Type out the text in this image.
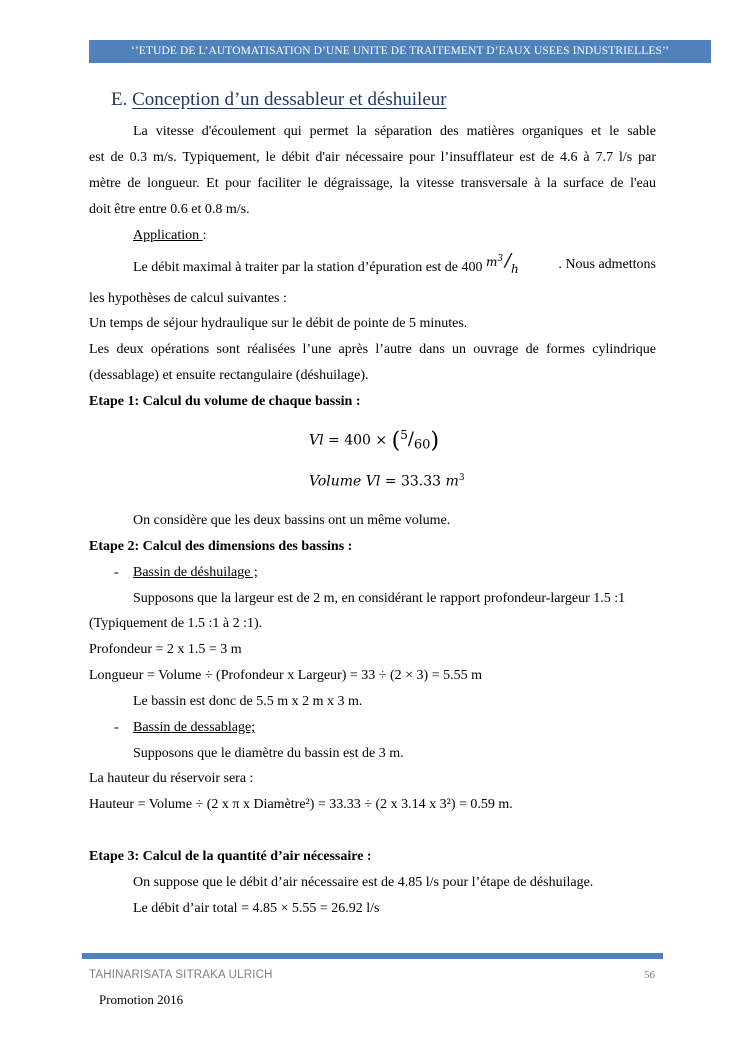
‘’ETUDE DE L’AUTOMATISATION D’UNE UNITE DE TRAITEMENT D’EAUX USEES INDUSTRIELLES’’
E. Conception d’un dessableur et déshuileur
La vitesse d'écoulement qui permet la séparation des matières organiques et le sable
est de 0.3 m/s. Typiquement, le débit d'air nécessaire pour l’insufflateur est de 4.6 à 7.7 l/s par
mètre de longueur. Et pour faciliter le dégraissage, la vitesse transversale à la surface de l'eau
doit être entre 0.6 et 0.8 m/s.
Application :
Le débit maximal à traiter par la station d’épuration est de 400 $m^3$ / h	. Nous admettons
les hypothèses de calcul suivantes :
Un temps de séjour hydraulique sur le débit de pointe de 5 minutes.
Les deux opérations sont réalisées l’une après l’autre dans un ouvrage de formes cylindrique
(dessablage) et ensuite rectangulaire (déshuilage).
Etape 1: Calcul du volume de chaque bassin :
$Vl = 400 \times (^5/_{60})$
Volume Vl = 33.33 $m^3$
On considère que les deux bassins ont un même volume.
Etape 2: Calcul des dimensions des bassins :
- Bassin de déshuilage ;
Supposons que la largeur est de 2 m, en considérant le rapport profondeur-largeur 1.5 :1
(Typiquement de 1.5 :1 à 2 :1).
Profondeur = 2 x 1.5 = 3 m
Longueur = Volume ÷ (Profondeur x Largeur) = 33 ÷ (2 × 3) = 5.55 m
Le bassin est donc de 5.5 m x 2 m x 3 m.
- Bassin de dessablage;
Supposons que le diamètre du bassin est de 3 m.
La hauteur du réservoir sera :
Hauteur = Volume ÷ (2 x π x Diamètre²) = 33.33 ÷ (2 x 3.14 x 3²) = 0.59 m.
Etape 3: Calcul de la quantité d’air nécessaire :
On suppose que le débit d’air nécessaire est de 4.85 l/s pour l’étape de déshuilage.
Le débit d’air total = 4.85 × 5.55 = 26.92 l/s
TAHINARISATA SITRAKA ULRICH	56
Promotion 2016
